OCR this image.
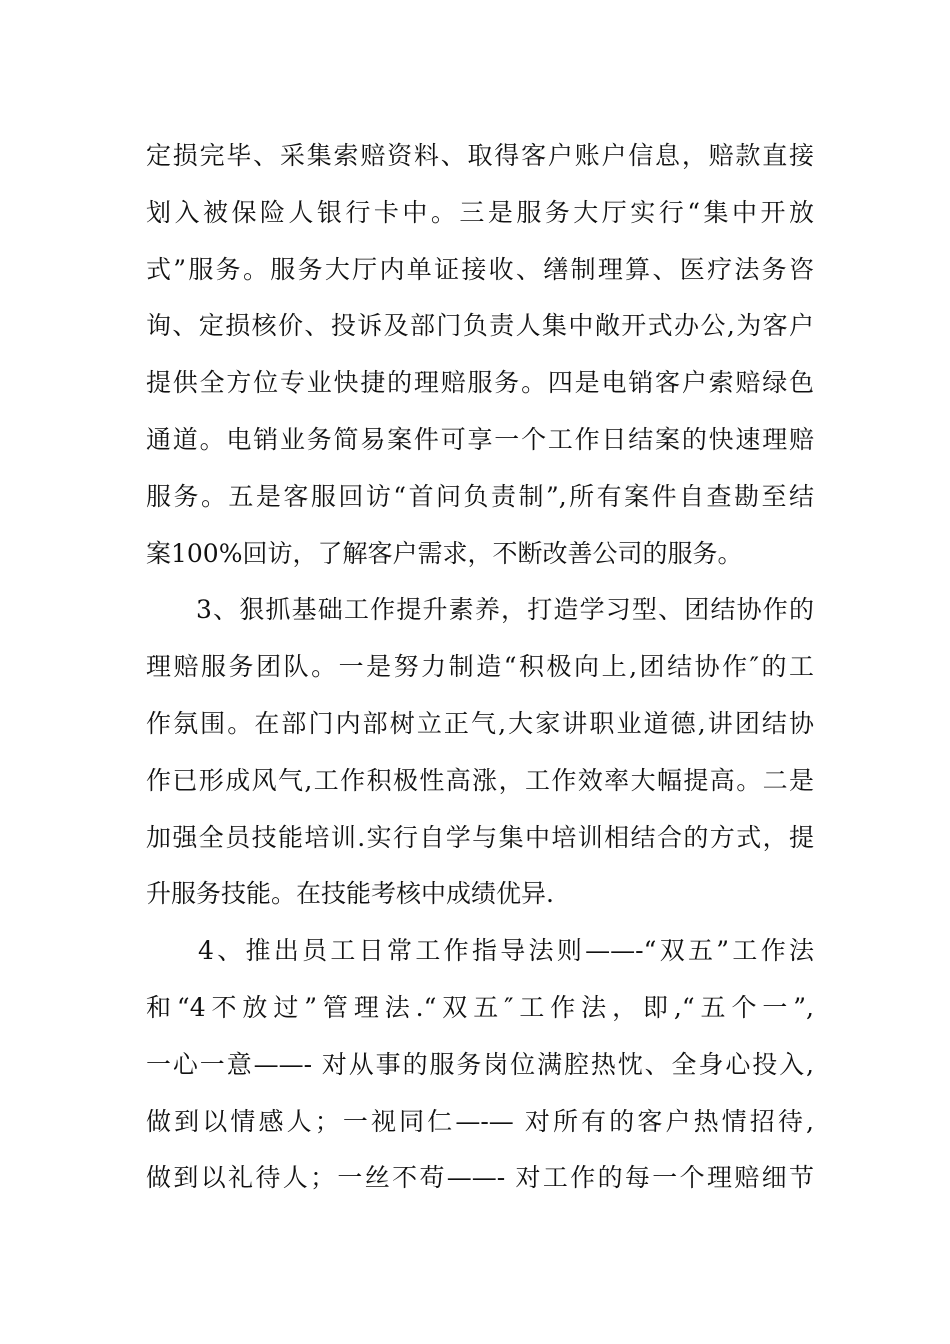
定损完毕、采集索赔资料、取得客户账户信息，赔款直接
划入被保险人银行卡中。三是服务大厅实行“集中开放
式”服务。服务大厅内单证接收、缮制理算、医疗法务咨
询、定损核价、投诉及部门负责人集中敞开式办公,为客户
提供全方位专业快捷的理赔服务。四是电销客户索赔绿色
通道。电销业务简易案件可享一个工作日结案的快速理赔
服务。五是客服回访“首问负责制”,所有案件自查勘至结
案100%回访，了解客户需求，不断改善公司的服务。
3、狠抓基础工作提升素养，打造学习型、团结协作的
理赔服务团队。一是努力制造“积极向上,团结协作″的工
作氛围。在部门内部树立正气,大家讲职业道德,讲团结协
作已形成风气,工作积极性高涨，工作效率大幅提高。二是
加强全员技能培训.实行自学与集中培训相结合的方式，提
升服务技能。在技能考核中成绩优异.
4、推出员工日常工作指导法则——-“双五”工作法
和“4不放过”管理法.“双五″工作法，即,“五个一”,
一心一意——- 对从事的服务岗位满腔热忱、全身心投入,
做到以情感人；一视同仁—-— 对所有的客户热情招待,
做到以礼待人；一丝不苟——- 对工作的每一个理赔细节
